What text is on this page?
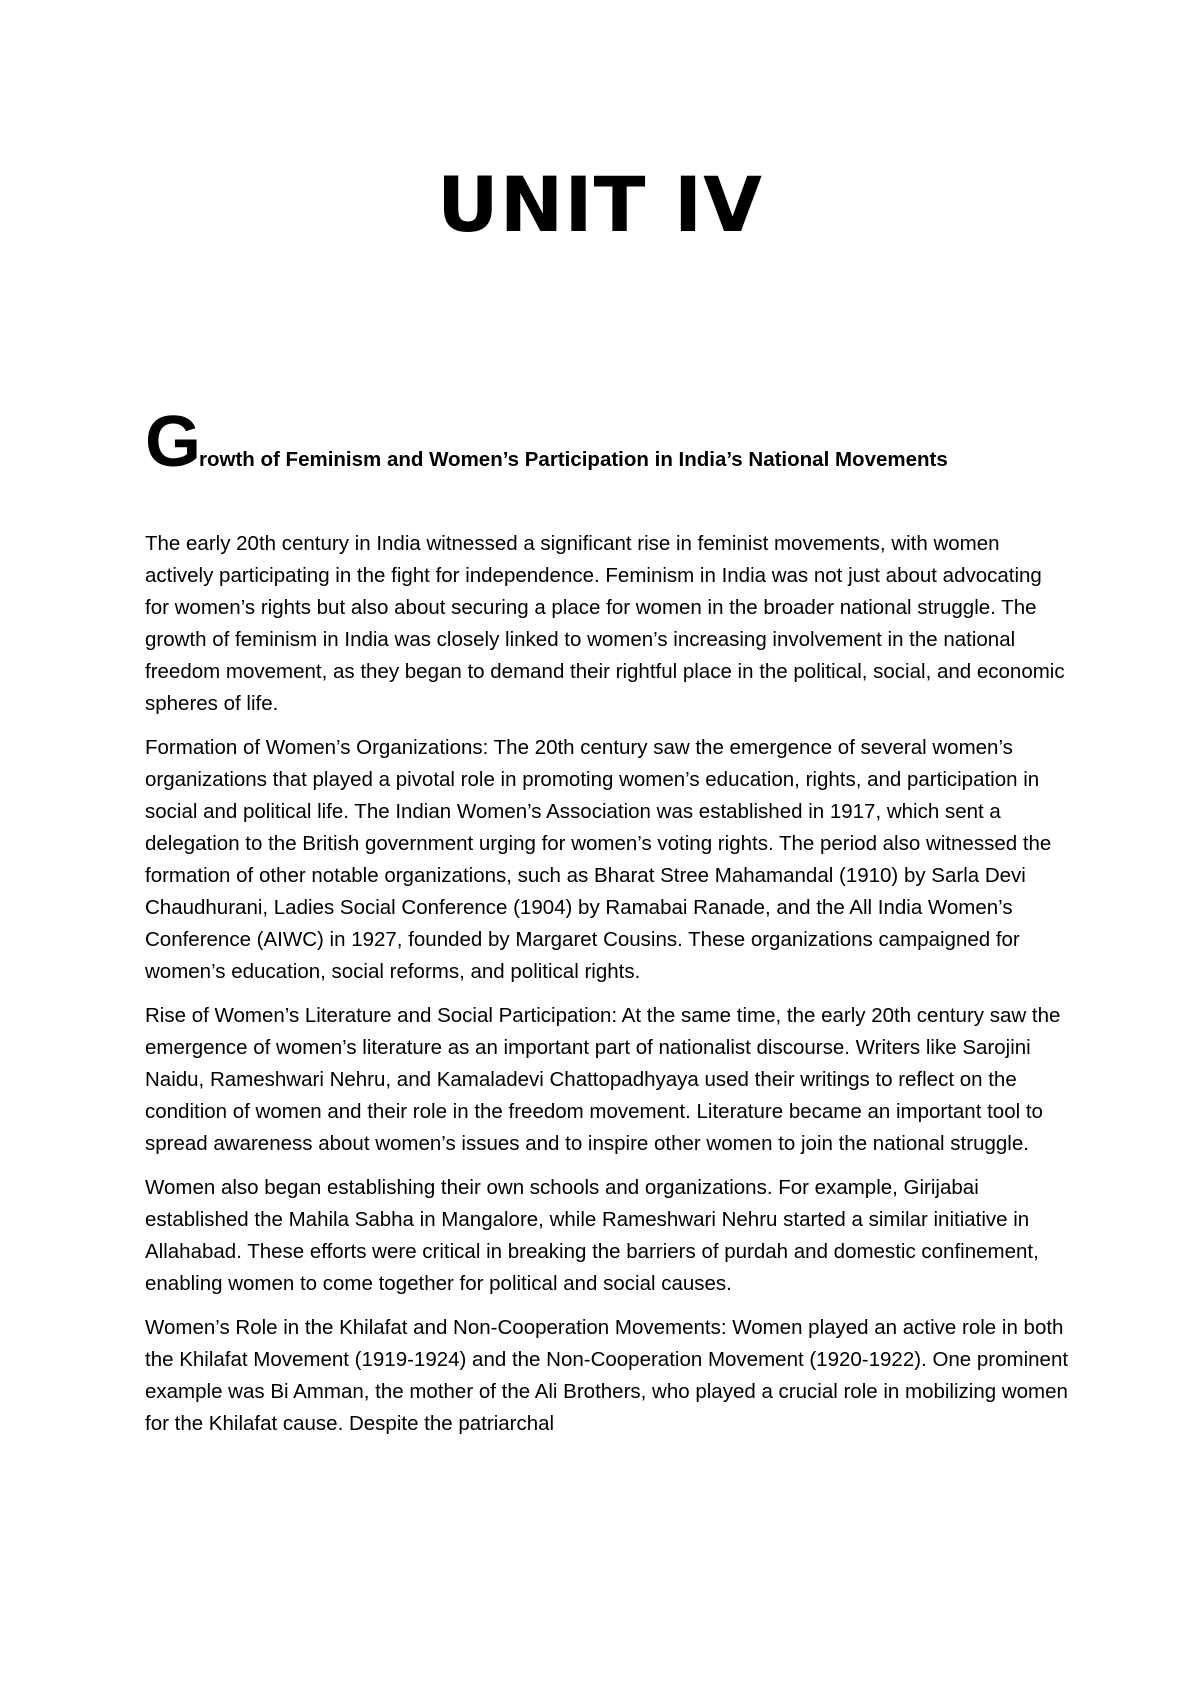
UNIT IV
Growth of Feminism and Women’s Participation in India’s National Movements

The early 20th century in India witnessed a significant rise in feminist movements, with women actively participating in the fight for independence. Feminism in India was not just about advocating for women’s rights but also about securing a place for women in the broader national struggle. The growth of feminism in India was closely linked to women’s increasing involvement in the national freedom movement, as they began to demand their rightful place in the political, social, and economic spheres of life.

Formation of Women’s Organizations: The 20th century saw the emergence of several women’s organizations that played a pivotal role in promoting women’s education, rights, and participation in social and political life. The Indian Women’s Association was established in 1917, which sent a delegation to the British government urging for women’s voting rights. The period also witnessed the formation of other notable organizations, such as Bharat Stree Mahamandal (1910) by Sarla Devi Chaudhurani, Ladies Social Conference (1904) by Ramabai Ranade, and the All India Women’s Conference (AIWC) in 1927, founded by Margaret Cousins. These organizations campaigned for women’s education, social reforms, and political rights.

Rise of Women’s Literature and Social Participation: At the same time, the early 20th century saw the emergence of women’s literature as an important part of nationalist discourse. Writers like Sarojini Naidu, Rameshwari Nehru, and Kamaladevi Chattopadhyaya used their writings to reflect on the condition of women and their role in the freedom movement. Literature became an important tool to spread awareness about women’s issues and to inspire other women to join the national struggle.

Women also began establishing their own schools and organizations. For example, Girijabai established the Mahila Sabha in Mangalore, while Rameshwari Nehru started a similar initiative in Allahabad. These efforts were critical in breaking the barriers of purdah and domestic confinement, enabling women to come together for political and social causes.

Women’s Role in the Khilafat and Non-Cooperation Movements: Women played an active role in both the Khilafat Movement (1919-1924) and the Non-Cooperation Movement (1920-1922). One prominent example was Bi Amman, the mother of the Ali Brothers, who played a crucial role in mobilizing women for the Khilafat cause. Despite the patriarchal
